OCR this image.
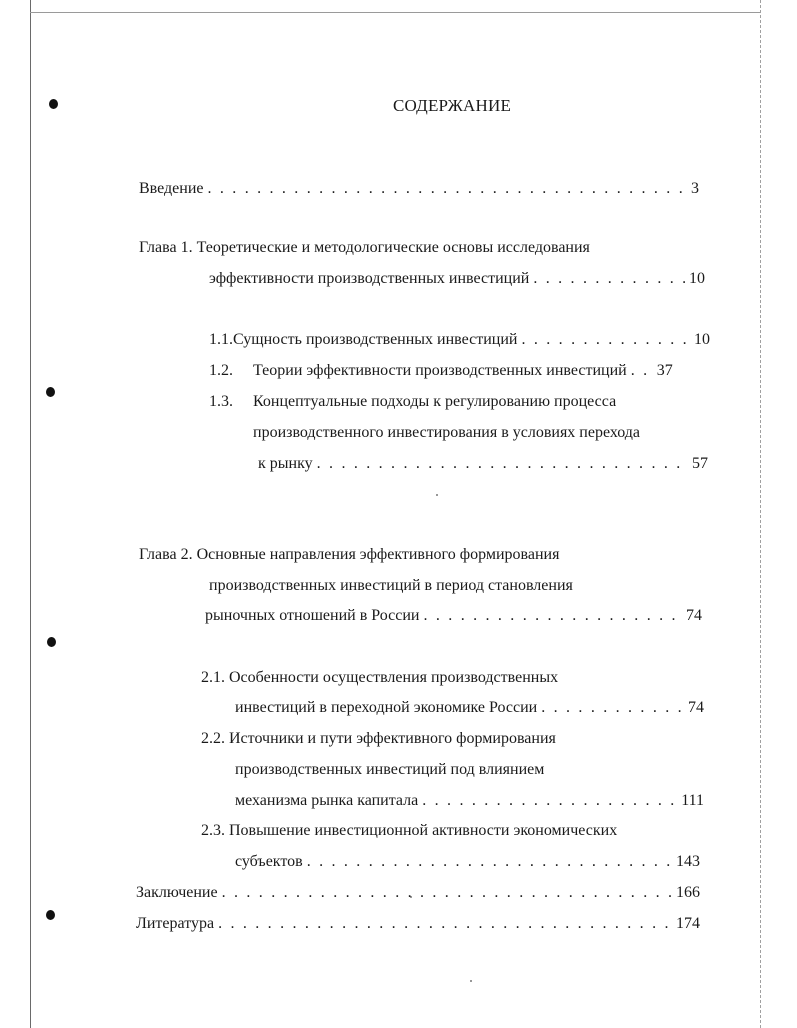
СОДЕРЖАНИЕ
Введение . . .	3
Глава 1. Теоретические и методологические основы исследования
эффективности производственных инвестиций . . .	10
1.1. Сущность производственных инвестиций . . .	10
1.2.	Теории эффективности производственных инвестиций . . . 37
1.3.	Концептуальные подходы к регулированию процесса
производственного инвестирования в условиях перехода
к рынку . . .	57
Глава 2. Основные направления эффективного формирования
производственных инвестиций в период становления
рыночных отношений в России . . .	74
2.1. Особенности осуществления производственных
инвестиций в переходной экономике России . . .	74
2.2. Источники и пути эффективного формирования
производственных инвестиций под влиянием
механизма рынка капитала . . .	111
2.3. Повышение инвестиционной активности экономических
субъектов . . .	143
Заключение . . .	166
Литература . . .	174
